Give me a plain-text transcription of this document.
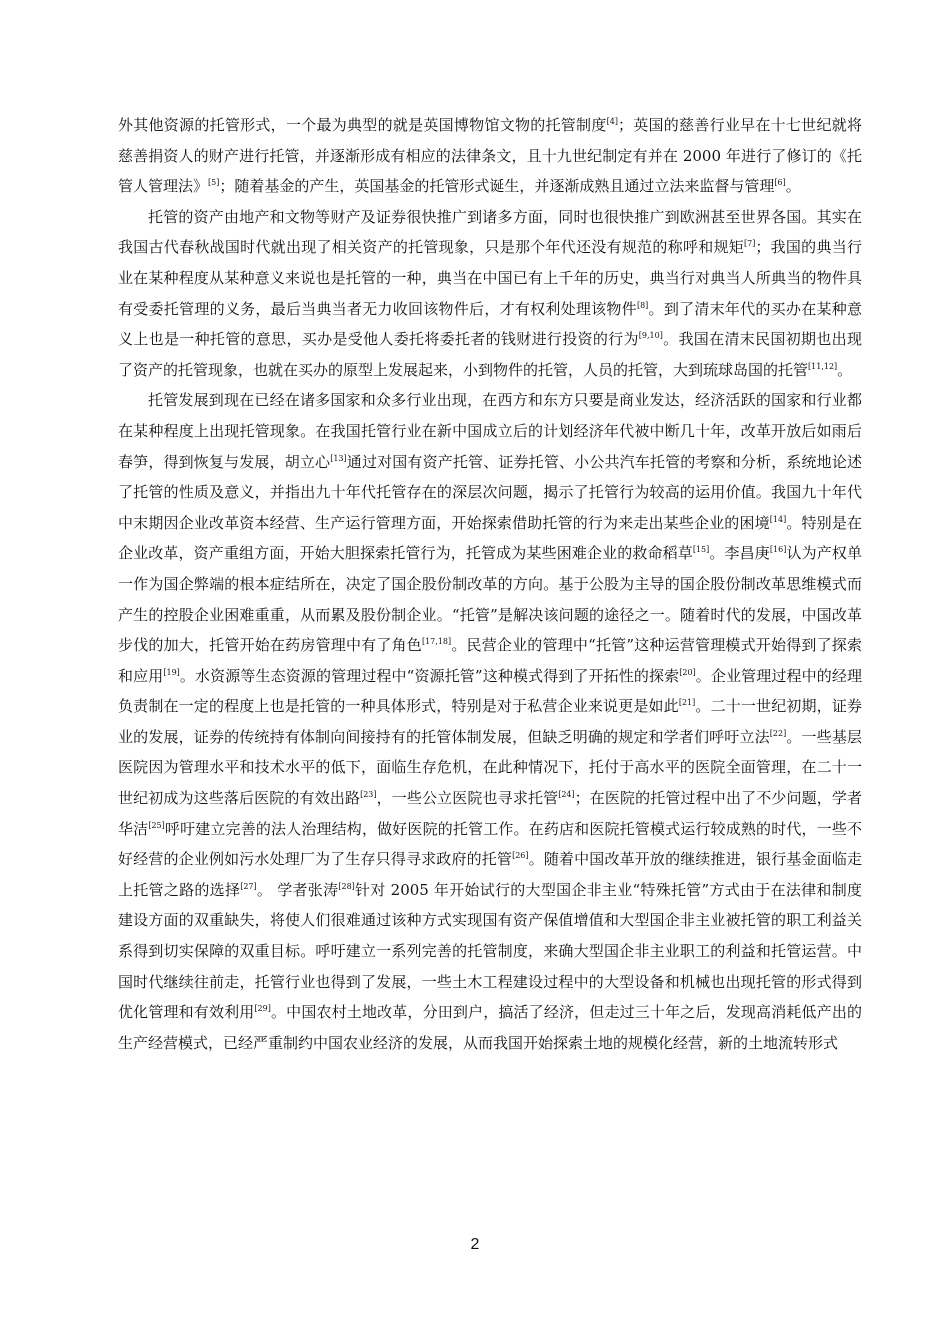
外其他资源的托管形式，一个最为典型的就是英国博物馆文物的托管制度[4]；英国的慈善行业早在十七世纪就将慈善捐资人的财产进行托管，并逐渐形成有相应的法律条文，且十九世纪制定有并在 2000 年进行了修订的《托管人管理法》[5]；随着基金的产生，英国基金的托管形式诞生，并逐渐成熟且通过立法来监督与管理[6]。

托管的资产由地产和文物等财产及证券很快推广到诸多方面，同时也很快推广到欧洲甚至世界各国。其实在我国古代春秋战国时代就出现了相关资产的托管现象，只是那个年代还没有规范的称呼和规矩[7]；我国的典当行业在某种程度从某种意义来说也是托管的一种，典当在中国已有上千年的历史，典当行对典当人所典当的物件具有受委托管理的义务，最后当典当者无力收回该物件后，才有权利处理该物件[8]。到了清末年代的买办在某种意义上也是一种托管的意思，买办是受他人委托将委托者的钱财进行投资的行为[9,10]。我国在清末民国初期也出现了资产的托管现象，也就在买办的原型上发展起来，小到物件的托管，人员的托管，大到琉球岛国的托管[11,12]。

托管发展到现在已经在诸多国家和众多行业出现，在西方和东方只要是商业发达，经济活跃的国家和行业都在某种程度上出现托管现象。在我国托管行业在新中国成立后的计划经济年代被中断几十年，改革开放后如雨后春笋，得到恢复与发展，胡立心[13]通过对国有资产托管、证券托管、小公共汽车托管的考察和分析，系统地论述了托管的性质及意义，并指出九十年代托管存在的深层次问题，揭示了托管行为较高的运用价值。我国九十年代中末期因企业改革资本经营、生产运行管理方面，开始探索借助托管的行为来走出某些企业的困境[14]。特别是在企业改革，资产重组方面，开始大胆探索托管行为，托管成为某些困难企业的救命稻草[15]。李昌庚[16]认为产权单一作为国企弊端的根本症结所在，决定了国企股份制改革的方向。基于公股为主导的国企股份制改革思维模式而产生的控股企业困难重重，从而累及股份制企业。“托管”是解决该问题的途径之一。随着时代的发展，中国改革步伐的加大，托管开始在药房管理中有了角色[17,18]。民营企业的管理中“托管”这种运营管理模式开始得到了探索和应用[19]。水资源等生态资源的管理过程中“资源托管”这种模式得到了开拓性的探索[20]。企业管理过程中的经理负责制在一定的程度上也是托管的一种具体形式，特别是对于私营企业来说更是如此[21]。二十一世纪初期，证券业的发展，证券的传统持有体制向间接持有的托管体制发展，但缺乏明确的规定和学者们呼吁立法[22]。一些基层医院因为管理水平和技术水平的低下，面临生存危机，在此种情况下，托付于高水平的医院全面管理，在二十一世纪初成为这些落后医院的有效出路[23]，一些公立医院也寻求托管[24]；在医院的托管过程中出了不少问题，学者华洁[25]呼吁建立完善的法人治理结构，做好医院的托管工作。在药店和医院托管模式运行较成熟的时代，一些不好经营的企业例如污水处理厂为了生存只得寻求政府的托管[26]。随着中国改革开放的继续推进，银行基金面临走上托管之路的选择[27]。 学者张涛[28]针对 2005 年开始试行的大型国企非主业“特殊托管”方式由于在法律和制度建设方面的双重缺失，将使人们很难通过该种方式实现国有资产保值增值和大型国企非主业被托管的职工利益关系得到切实保障的双重目标。呼吁建立一系列完善的托管制度，来确大型国企非主业职工的利益和托管运营。中国时代继续往前走，托管行业也得到了发展，一些土木工程建设过程中的大型设备和机械也出现托管的形式得到优化管理和有效利用[29]。中国农村土地改革，分田到户，搞活了经济，但走过三十年之后，发现高消耗低产出的生产经营模式，已经严重制约中国农业经济的发展，从而我国开始探索土地的规模化经营，新的土地流转形式

2
